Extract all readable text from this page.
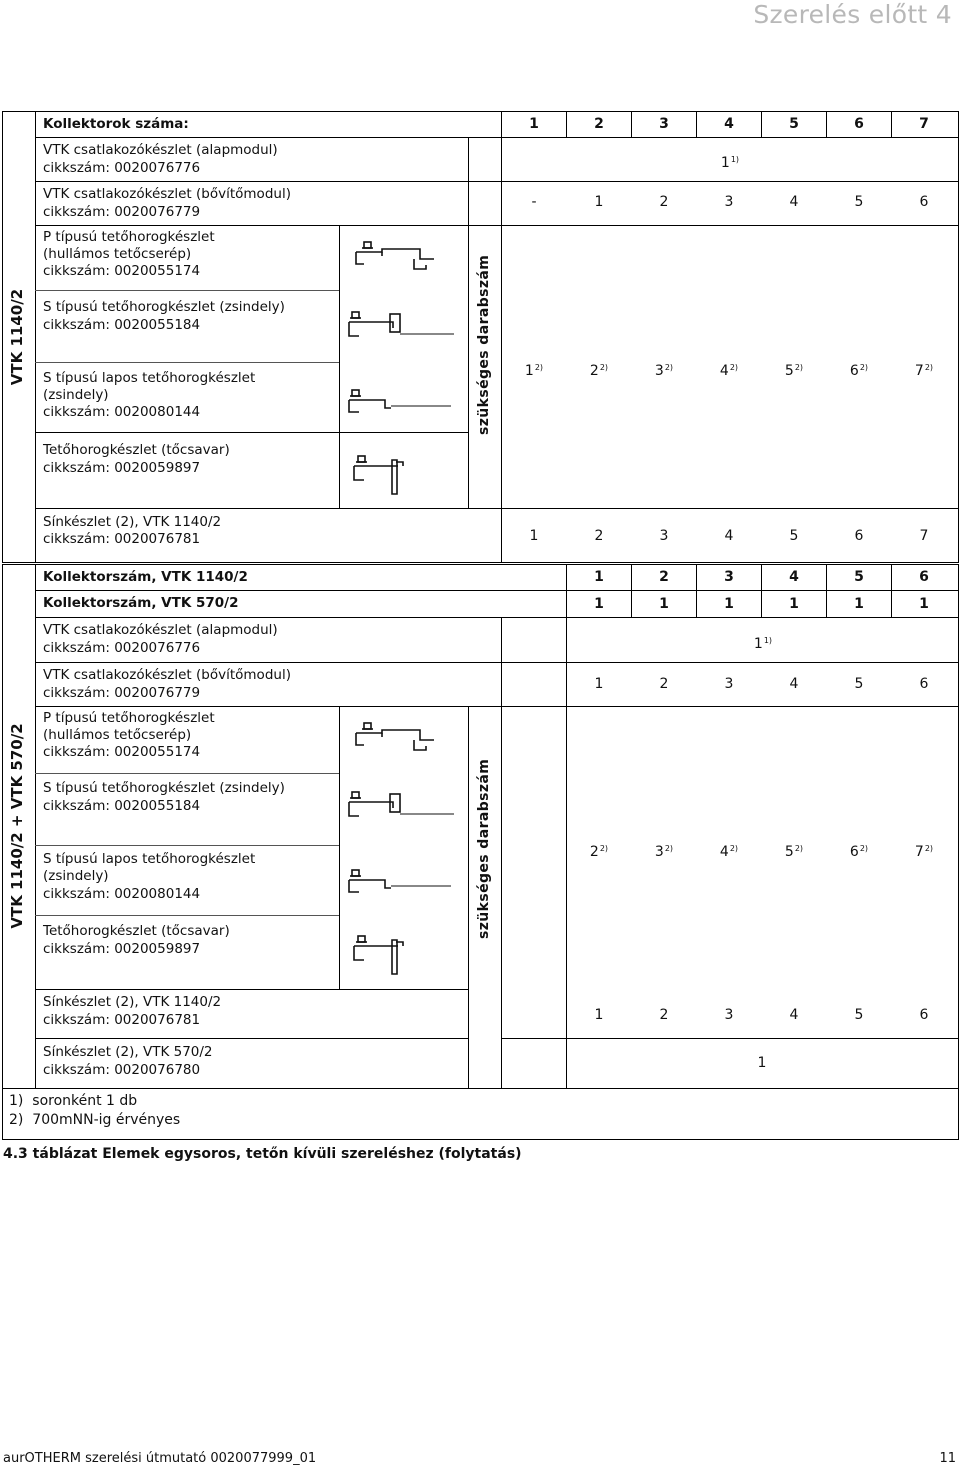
Szerelés előtt 4
VTK 1140/2	szükséges darabszám
Kollektorok száma:	1	2	3	4	5	6	7
VTK csatlakozókészlet (alapmodul)
cikkszám: 0020076776	1$^{1)}$
VTK csatlakozókészlet (bővítőmodul)
cikkszám: 0020076779
-	1	2	3	4	5	6
P típusú tetőhorogkészlet
(hullámos tetőcserép)
cikkszám: 0020055174
S típusú tetőhorogkészlet (zsindely)
cikkszám: 0020055184
S típusú lapos tetőhorogkészlet
(zsindely)
cikkszám: 0020080144
Tetőhorogkészlet (tőcsavar)
cikkszám: 0020059897
1$^{2)}$	2$^{2)}$	3$^{2)}$	4$^{2)}$	5$^{2)}$	6$^{2)}$	7$^{2)}$
Sínkészlet (2), VTK 1140/2
cikkszám: 0020076781	1	2	3	4	5	6	7
VTK 1140/2 + VTK 570/2	szükséges darabszám
Kollektorszám, VTK 1140/2	1	2	3	4	5	6
Kollektorszám, VTK 570/2	1	1	1	1	1	1
VTK csatlakozókészlet (alapmodul)
cikkszám: 0020076776	1$^{1)}$
VTK csatlakozókészlet (bővítőmodul)
cikkszám: 0020076779
1	2	3	4	5	6
P típusú tetőhorogkészlet
(hullámos tetőcserép)
cikkszám: 0020055174
S típusú tetőhorogkészlet (zsindely)
cikkszám: 0020055184
S típusú lapos tetőhorogkészlet
(zsindely)
cikkszám: 0020080144
Tetőhorogkészlet (tőcsavar)
cikkszám: 0020059897
2$^{2)}$	3$^{2)}$	4$^{2)}$	5$^{2)}$	6$^{2)}$	7$^{2)}$
Sínkészlet (2), VTK 1140/2
cikkszám: 0020076781	1	2	3	4	5	6
Sínkészlet (2), VTK 570/2
cikkszám: 0020076780	1
1) soronként 1 db
2) 700mNN-ig érvényes
4.3 táblázat Elemek egysoros, tetőn kívüli szereléshez (folytatás)
aurOTHERM szerelési útmutató 0020077999_01	11
